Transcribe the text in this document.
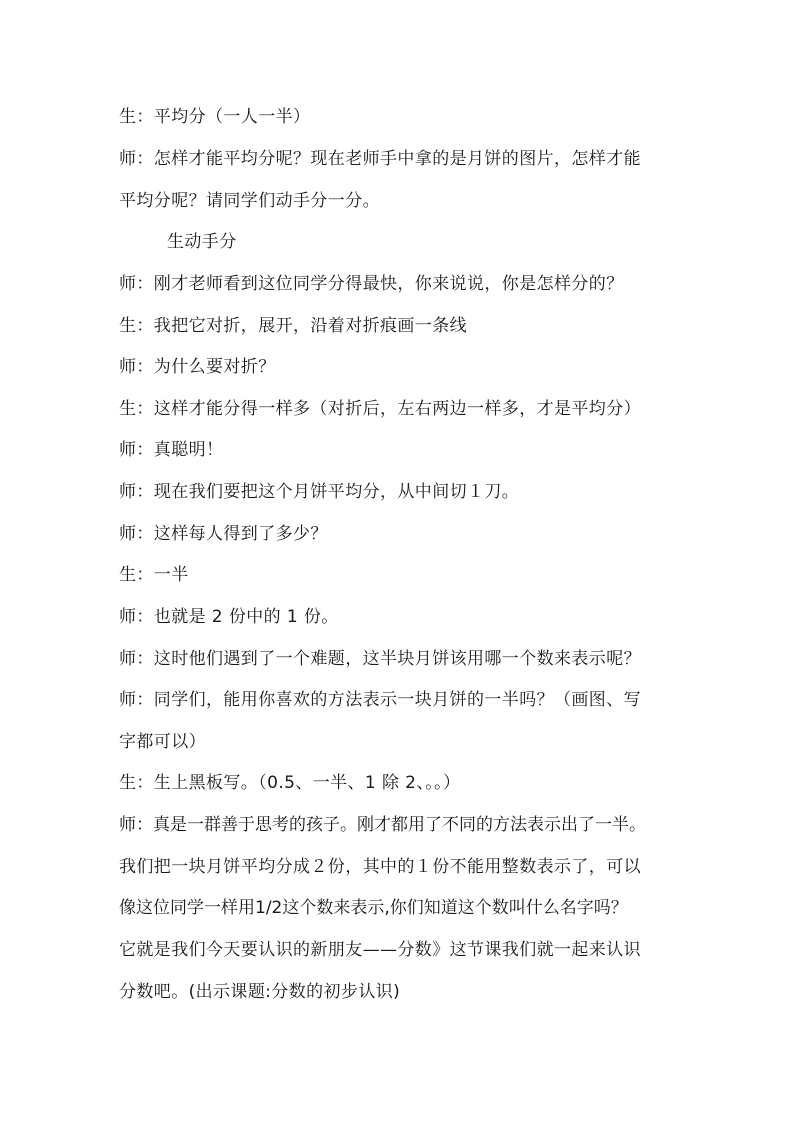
生：平均分（一人一半）
师：怎样才能平均分呢？现在老师手中拿的是月饼的图片，怎样才能
平均分呢？请同学们动手分一分。
生动手分
师：刚才老师看到这位同学分得最快，你来说说，你是怎样分的？
生：我把它对折，展开，沿着对折痕画一条线
师：为什么要对折？
生：这样才能分得一样多（对折后，左右两边一样多，才是平均分）
师：真聪明！
师：现在我们要把这个月饼平均分，从中间切１刀。
师：这样每人得到了多少？
生：一半
师：也就是 2 份中的 1 份。
师：这时他们遇到了一个难题，这半块月饼该用哪一个数来表示呢？
师：同学们，能用你喜欢的方法表示一块月饼的一半吗？（画图、写
字都可以）
生：生上黑板写。（0.5、一半、1 除 2、。。）
师：真是一群善于思考的孩子。刚才都用了不同的方法表示出了一半。
我们把一块月饼平均分成２份，其中的１份不能用整数表示了，可以
像这位同学一样用1/2这个数来表示,你们知道这个数叫什么名字吗？
它就是我们今天要认识的新朋友——分数》这节课我们就一起来认识
分数吧。(出示课题:分数的初步认识)
